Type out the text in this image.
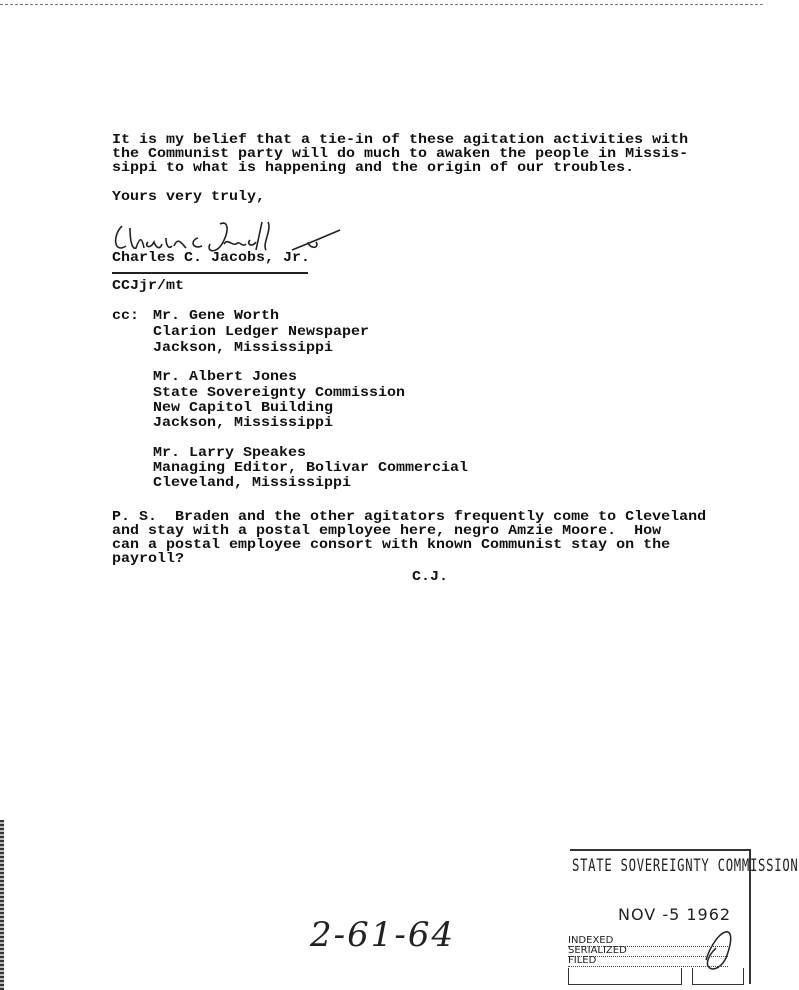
It is my belief that a tie-in of these agitation activities with
the Communist party will do much to awaken the people in Missis-
sippi to what is happening and the origin of our troubles.
Yours very truly,
Charles C. Jacobs, Jr.
CCJjr/mt
cc: Mr. Gene Worth
Clarion Ledger Newspaper
Jackson, Mississippi
Mr. Albert Jones
State Sovereignty Commission
New Capitol Building
Jackson, Mississippi
Mr. Larry Speakes
Managing Editor, Bolivar Commercial
Cleveland, Mississippi
P. S.  Braden and the other agitators frequently come to Cleveland
and stay with a postal employee here, negro Amzie Moore.  How
can a postal employee consort with known Communist stay on the
payroll?
C.J.
2-61-64
STATE SOVEREIGNTY COMMISSION
NOV -5 1962
INDEXED
SERIALIZED
FILED
